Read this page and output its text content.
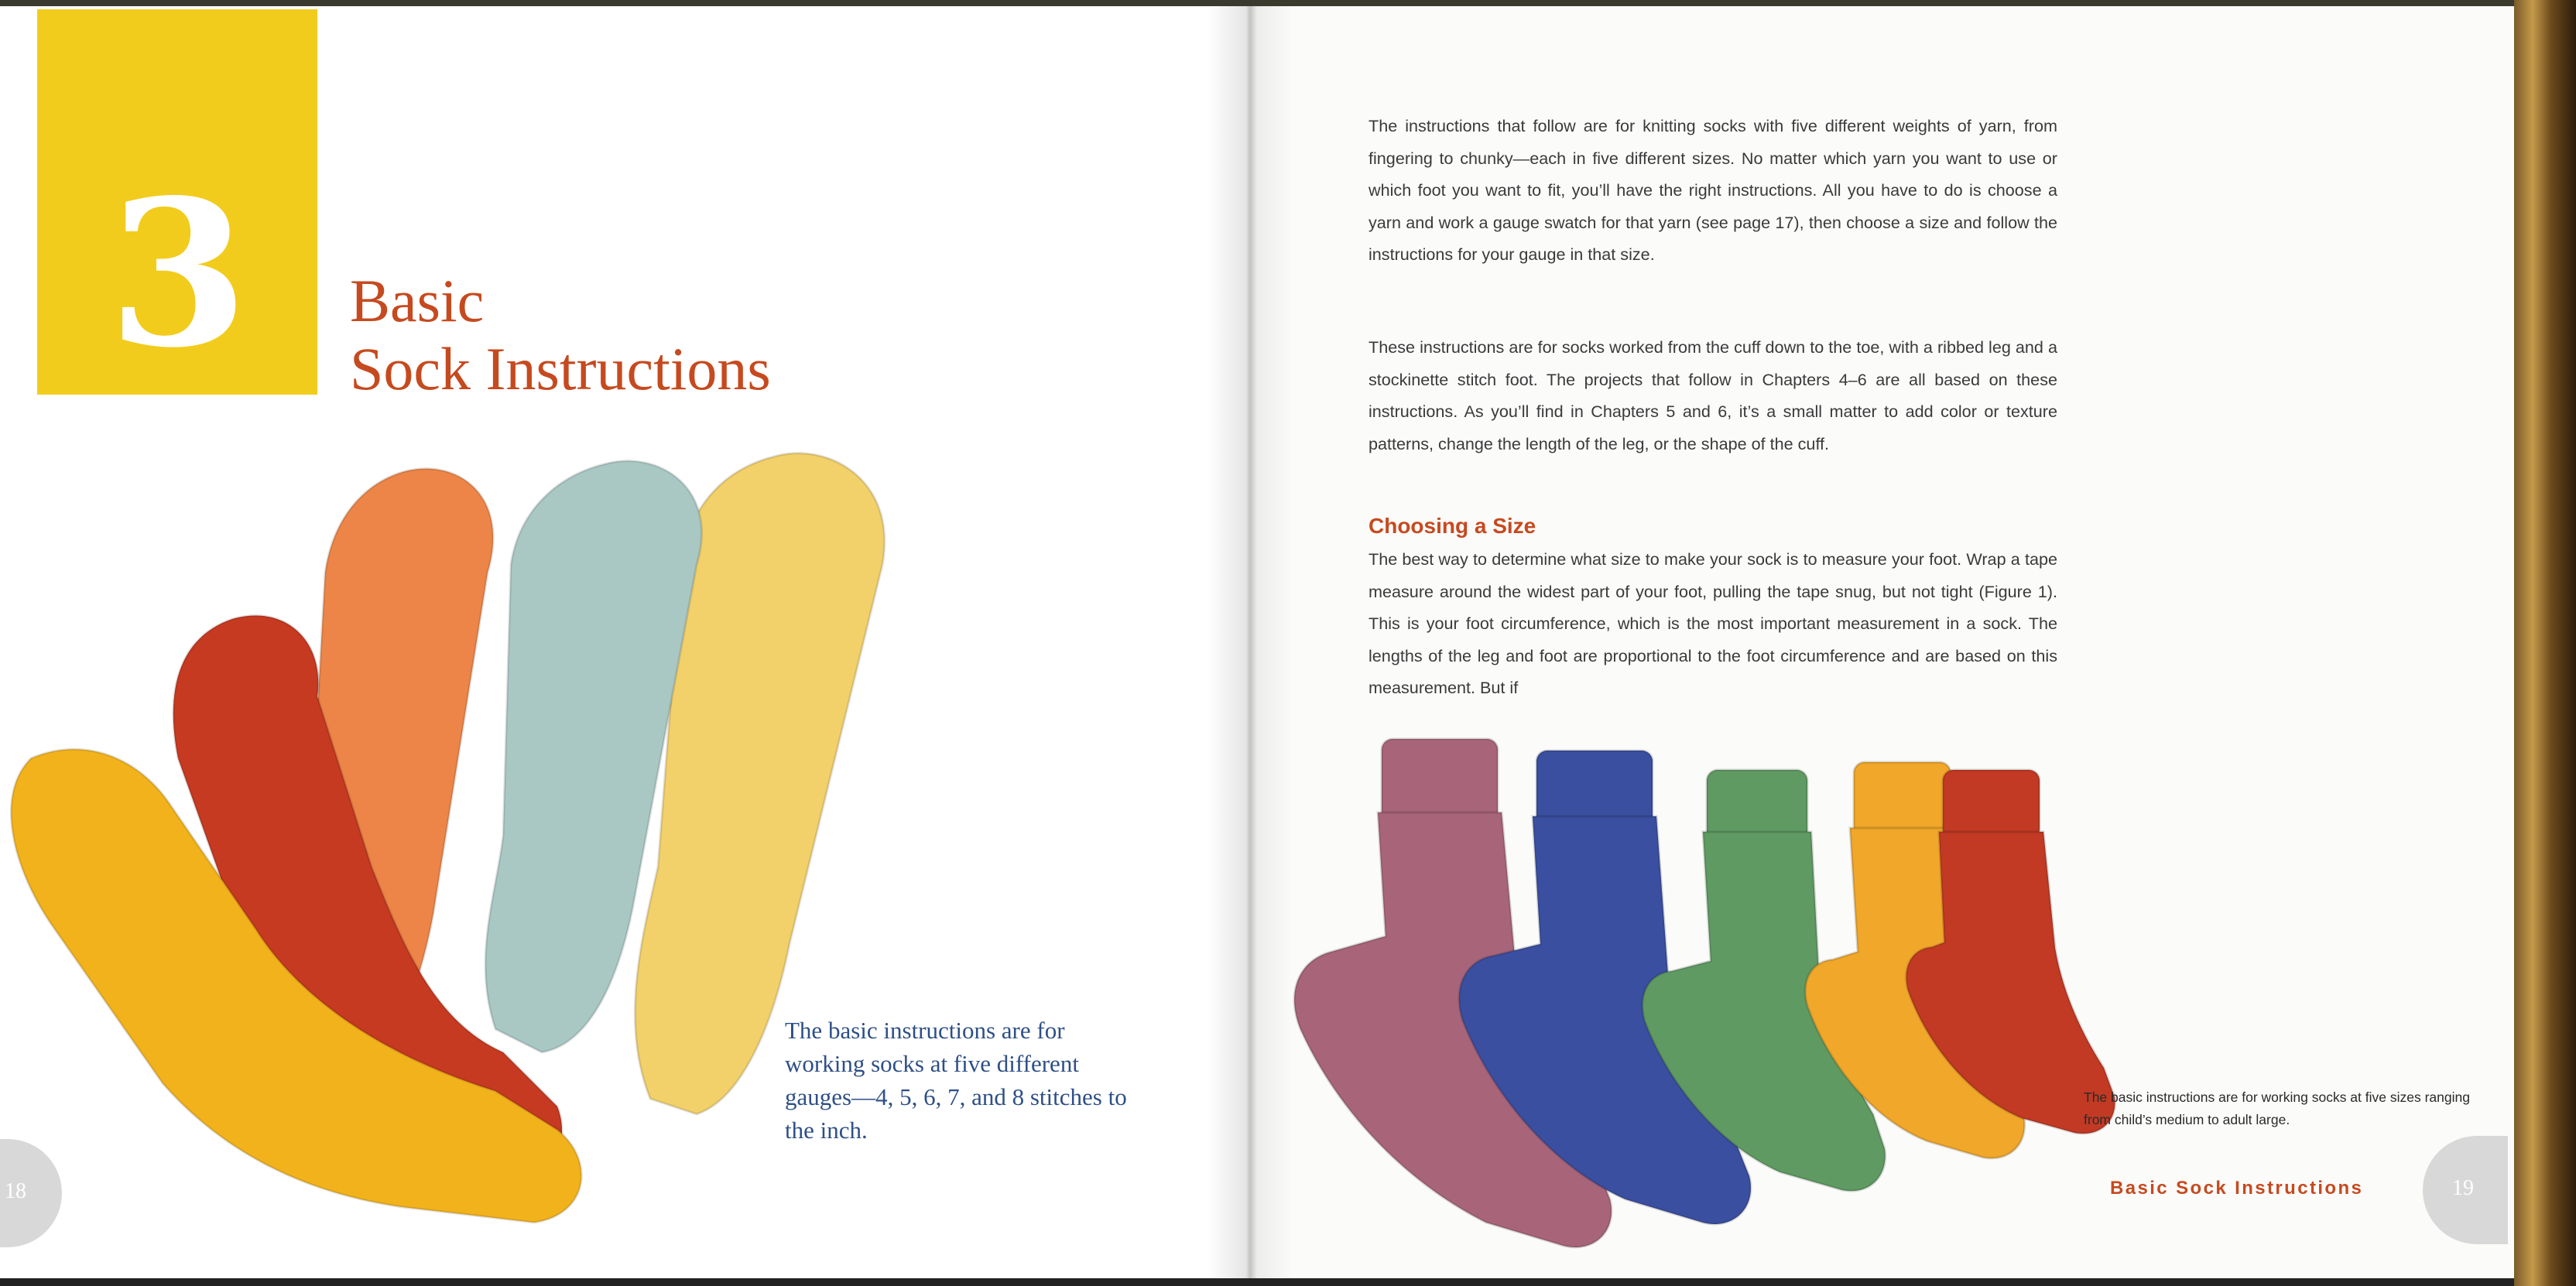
3	Basic
Sock Instructions
The basic instructions are for working socks at five different gauges—4, 5, 6, 7, and 8 stitches to the inch.
18

The instructions that follow are for knitting socks with five different weights of yarn, from fingering to chunky—each in five different sizes. No matter which yarn you want to use or which foot you want to fit, you’ll have the right instructions. All you have to do is choose a yarn and work a gauge swatch for that yarn (see page 17), then choose a size and follow the instructions for your gauge in that size.

These instructions are for socks worked from the cuff down to the toe, with a ribbed leg and a stockinette stitch foot. The projects that follow in Chapters 4–6 are all based on these instructions. As you’ll find in Chapters 5 and 6, it’s a small matter to add color or texture patterns, change the length of the leg, or the shape of the cuff.

Choosing a Size

The best way to determine what size to make your sock is to measure your foot. Wrap a tape measure around the widest part of your foot, pulling the tape snug, but not tight (Figure 1). This is your foot circumference, which is the most important measurement in a sock. The lengths of the leg and foot are proportional to the foot circumference and are based on this measurement. But if

The basic instructions are for working socks at five sizes ranging from child’s medium to adult large.
Basic Sock Instructions	19
